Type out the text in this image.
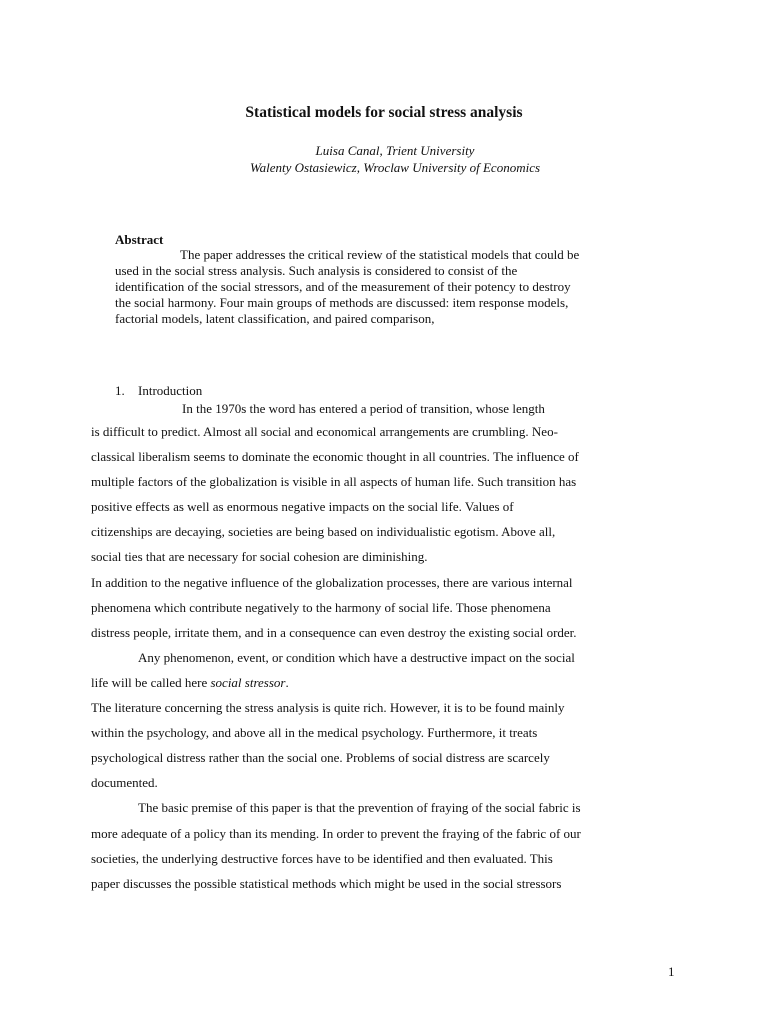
Statistical models for social stress analysis
Luisa Canal, Trient University
Walenty Ostasiewicz, Wroclaw University of Economics
Abstract
The paper addresses the critical review of the statistical models that could be
used in the social stress analysis. Such analysis is considered to consist of the
identification of the social stressors, and of the measurement of their potency to destroy
the social harmony. Four main groups of methods are discussed: item response models,
factorial models, latent classification, and paired comparison,
1. Introduction
In the 1970s the word has entered a period of transition, whose length
is difficult to predict. Almost all social and economical arrangements are crumbling. Neo-
classical liberalism seems to dominate the economic thought in all countries. The influence of
multiple factors of the globalization is visible in all aspects of human life. Such transition has
positive effects as well as enormous negative impacts on the social life. Values of
citizenships are decaying, societies are being based on individualistic egotism. Above all,
social ties that are necessary for social cohesion are diminishing.
In addition to the negative influence of the globalization processes, there are various internal
phenomena which contribute negatively to the harmony of social life. Those phenomena
distress people, irritate them, and in a consequence can even destroy the existing social order.
Any phenomenon, event, or condition which have a destructive impact on the social
life will be called here social stressor.
The literature concerning the stress analysis is quite rich. However, it is to be found mainly
within the psychology, and above all in the medical psychology. Furthermore, it treats
psychological distress rather than the social one. Problems of social distress are scarcely
documented.
The basic premise of this paper is that the prevention of fraying of the social fabric is
more adequate of a policy than its mending. In order to prevent the fraying of the fabric of our
societies, the underlying destructive forces have to be identified and then evaluated. This
paper discusses the possible statistical methods which might be used in the social stressors
1
